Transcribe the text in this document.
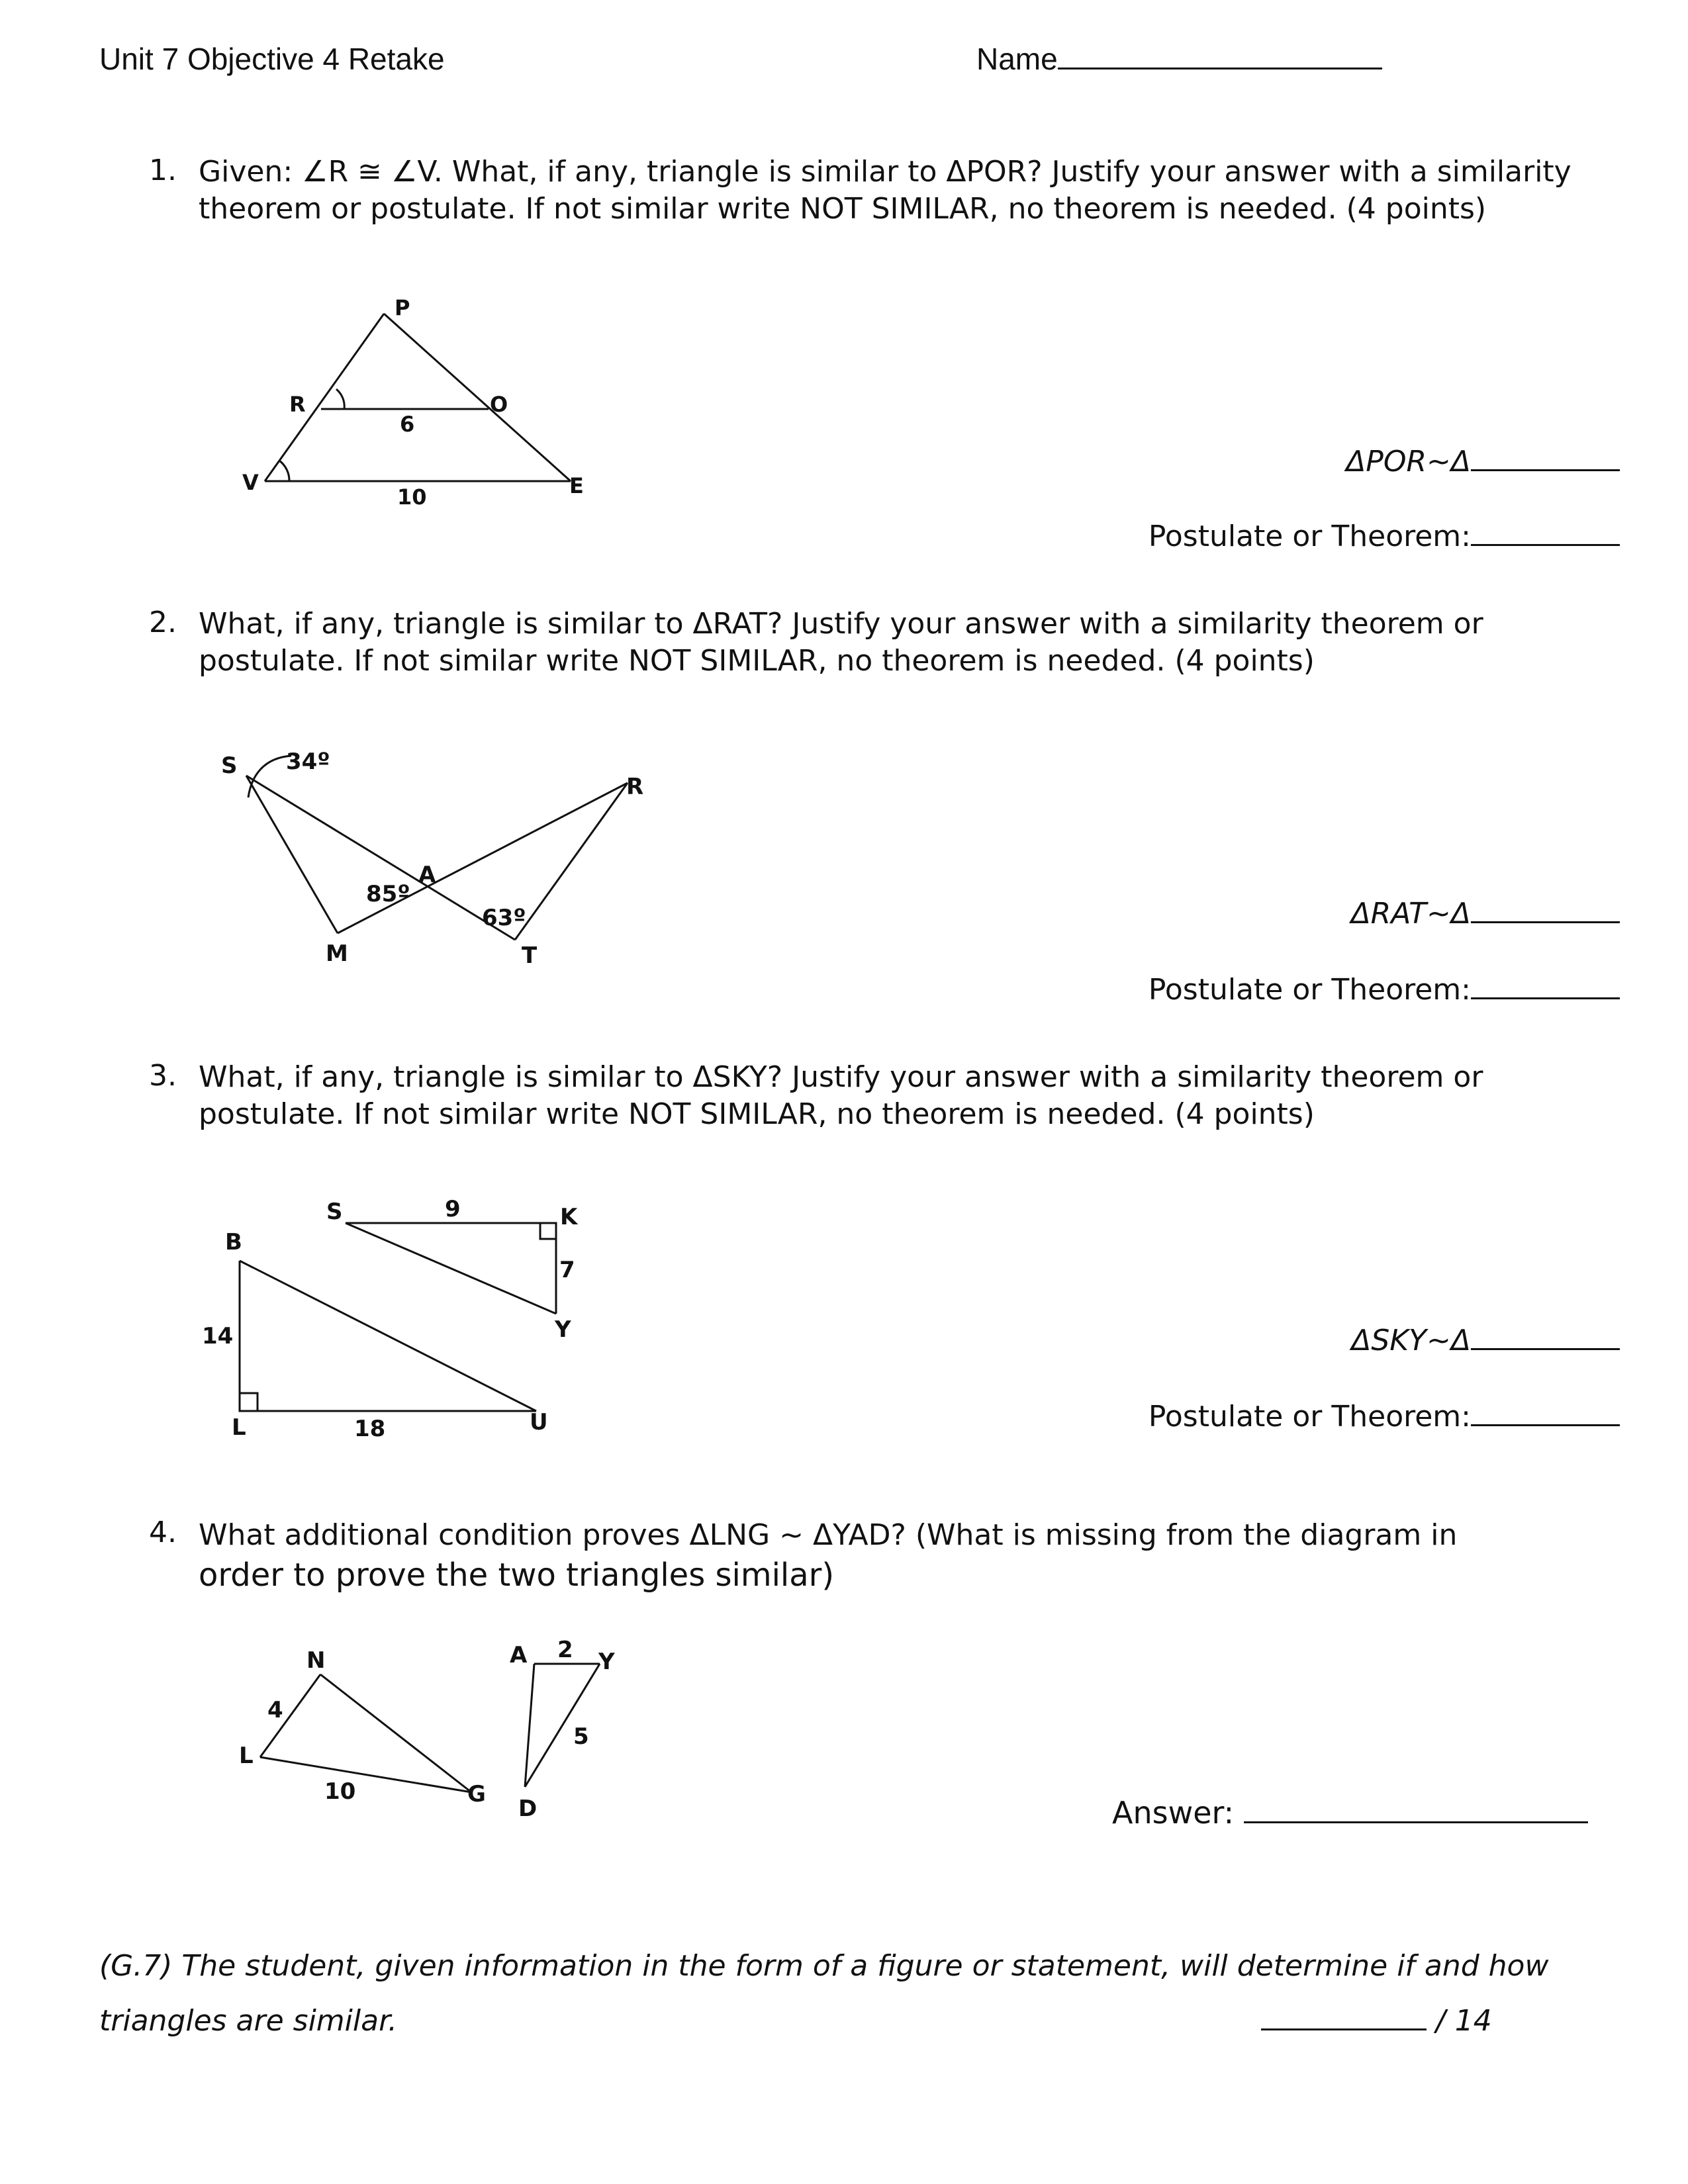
Unit 7 Objective 4 Retake	Name
1. Given: ∠R ≅ ∠V. What, if any, triangle is similar to ΔPOR? Justify your answer with a similarity
theorem or postulate. If not similar write NOT SIMILAR, no theorem is needed. (4 points)
P
R	O
V	E
6
10
ΔPOR~Δ
Postulate or Theorem:
2. What, if any, triangle is similar to ΔRAT? Justify your answer with a similarity theorem or
postulate. If not similar write NOT SIMILAR, no theorem is needed. (4 points)
S
R
A
M	T
34º
85º
63º	ΔRAT~Δ
Postulate or Theorem:
3. What, if any, triangle is similar to ΔSKY? Justify your answer with a similarity theorem or
postulate. If not similar write NOT SIMILAR, no theorem is needed. (4 points)
S	K
Y
B
L	U
9
7
14
18
ΔSKY~Δ
Postulate or Theorem:
4. What additional condition proves ΔLNG ~ ΔYAD? (What is missing from the diagram in
order to prove the two triangles similar)
N
L
G
A	Y
D
4
10
2
5
Answer:
(G.7) The student, given information in the form of a figure or statement, will determine if and how
triangles are similar.	/ 14
